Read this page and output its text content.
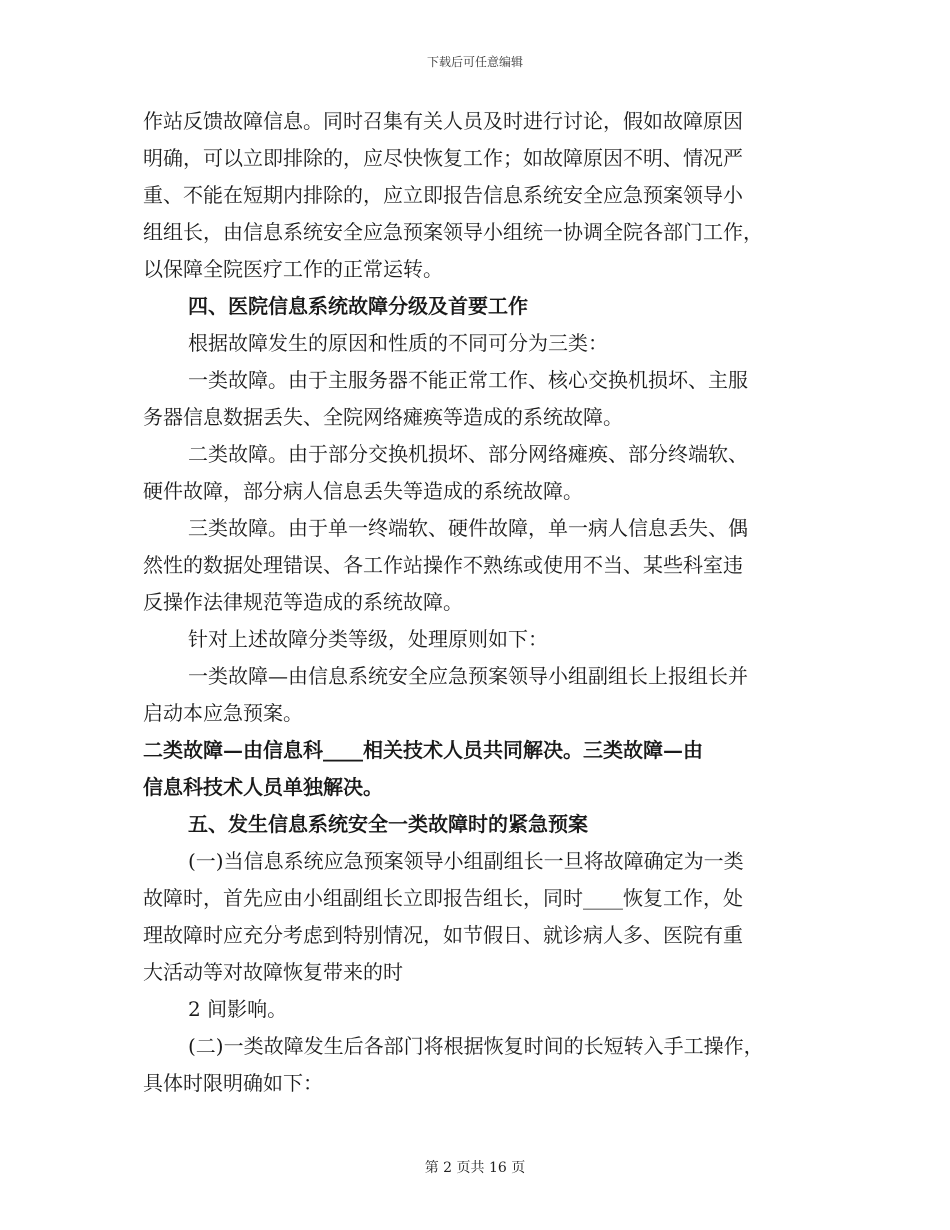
下载后可任意编辑
作站反馈故障信息。同时召集有关人员及时进行讨论，假如故障原因
明确，可以立即排除的，应尽快恢复工作；如故障原因不明、情况严
重、不能在短期内排除的，应立即报告信息系统安全应急预案领导小
组组长，由信息系统安全应急预案领导小组统一协调全院各部门工作，
以保障全院医疗工作的正常运转。
四、医院信息系统故障分级及首要工作
根据故障发生的原因和性质的不同可分为三类：
一类故障。由于主服务器不能正常工作、核心交换机损坏、主服
务器信息数据丢失、全院网络瘫痪等造成的系统故障。
二类故障。由于部分交换机损坏、部分网络瘫痪、部分终端软、
硬件故障，部分病人信息丢失等造成的系统故障。
三类故障。由于单一终端软、硬件故障，单一病人信息丢失、偶
然性的数据处理错误、各工作站操作不熟练或使用不当、某些科室违
反操作法律规范等造成的系统故障。
针对上述故障分类等级，处理原则如下：
一类故障—由信息系统安全应急预案领导小组副组长上报组长并
启动本应急预案。
二类故障—由信息科____相关技术人员共同解决。三类故障—由
信息科技术人员单独解决。
五、发生信息系统安全一类故障时的紧急预案
(一)当信息系统应急预案领导小组副组长一旦将故障确定为一类
故障时，首先应由小组副组长立即报告组长，同时____恢复工作，处
理故障时应充分考虑到特别情况，如节假日、就诊病人多、医院有重
大活动等对故障恢复带来的时
2 间影响。
(二)一类故障发生后各部门将根据恢复时间的长短转入手工操作，
具体时限明确如下：
第 2 页共 16 页
